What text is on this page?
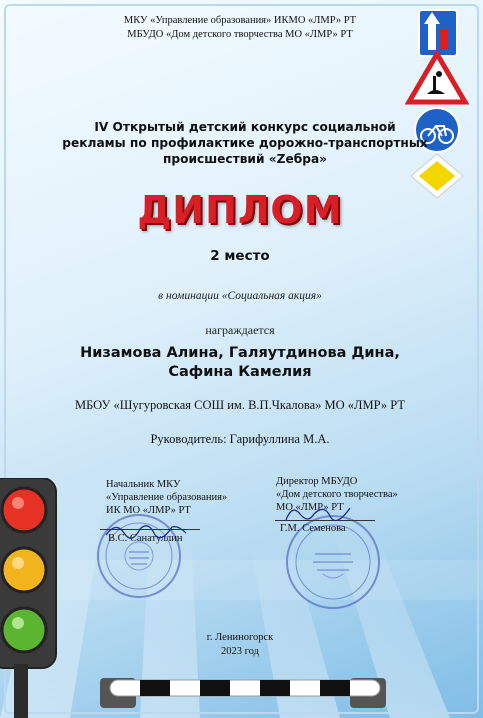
МКУ «Управление образования» ИКМО «ЛМР» РТ
МБУДО «Дом детского творчества МО «ЛМР» РТ
IV Открытый детский конкурс социальной
рекламы по профилактике дорожно-транспортных
происшествий «Zебра»
ДИПЛОМ
2 место
в номинации «Социальная акция»
награждается
Низамова Алина, Галяутдинова Дина,
Сафина Камелия
МБОУ «Шугуровская СОШ им. В.П.Чкалова» МО «ЛМР» РТ
Руководитель: Гарифуллина М.А.
Начальник МКУ
«Управление образования»
ИК МО «ЛМР» РТ
В.С. Санатуллин
Директор МБУДО
«Дом детского творчества»
МО «ЛМР» РТ
Г.М. Семенова
г. Лениногорск
2023 год
